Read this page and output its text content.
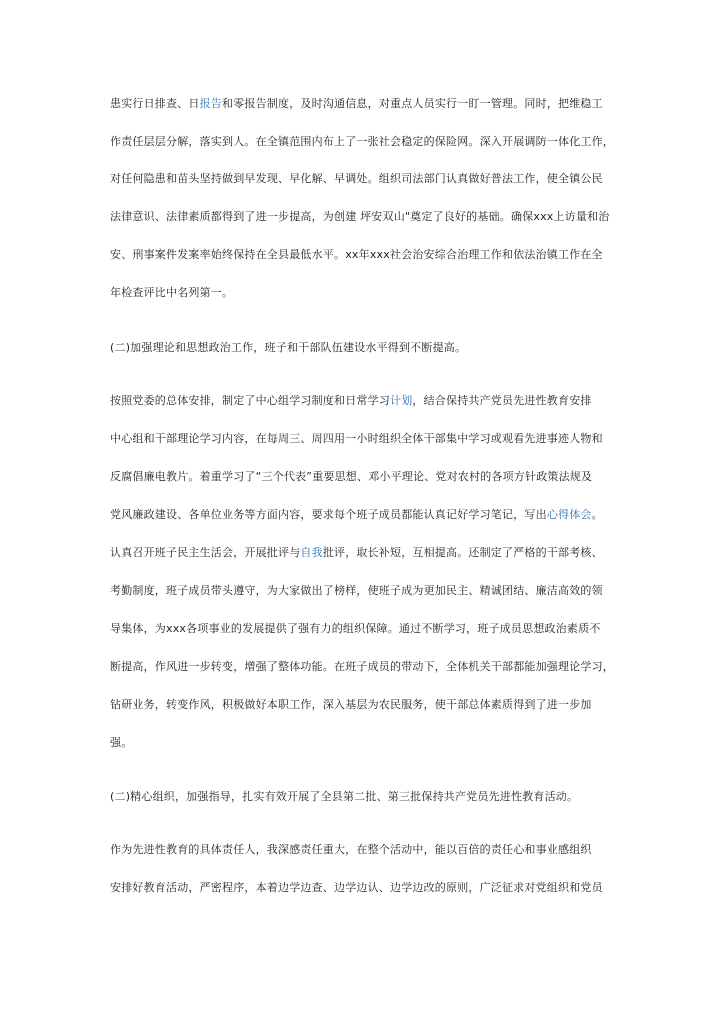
患实行日排查、日报告和零报告制度，及时沟通信息，对重点人员实行一盯一管理。同时，把维稳工
作责任层层分解，落实到人。在全镇范围内布上了一张社会稳定的保险网。深入开展调防一体化工作，
对任何隐患和苗头坚持做到早发现、早化解、早调处。组织司法部门认真做好普法工作，使全镇公民
法律意识、法律素质都得到了进一步提高，为创建 坪安双山"奠定了良好的基础。确保xxx上访量和治
安、刑事案件发案率始终保持在全县最低水平。xx年xxx社会治安综合治理工作和依法治镇工作在全
年检查评比中名列第一。
(二)加强理论和思想政治工作，班子和干部队伍建设水平得到不断提高。
按照党委的总体安排，制定了中心组学习制度和日常学习计划，结合保持共产党员先进性教育安排
中心组和干部理论学习内容，在每周三、周四用一小时组织全体干部集中学习或观看先进事迹人物和
反腐倡廉电教片。着重学习了“三个代表”重要思想、邓小平理论、党对农村的各项方针政策法规及
党风廉政建设、各单位业务等方面内容，要求每个班子成员都能认真记好学习笔记，写出心得体会。
认真召开班子民主生活会，开展批评与自我批评，取长补短，互相提高。还制定了严格的干部考核、
考勤制度，班子成员带头遵守，为大家做出了榜样，使班子成为更加民主、精诚团结、廉洁高效的领
导集体，为xxx各项事业的发展提供了强有力的组织保障。通过不断学习，班子成员思想政治素质不
断提高，作风进一步转变，增强了整体功能。在班子成员的带动下，全体机关干部都能加强理论学习，
钻研业务，转变作风，积极做好本职工作，深入基层为农民服务，使干部总体素质得到了进一步加
强。
(二)精心组织，加强指导，扎实有效开展了全县第二批、第三批保持共产党员先进性教育活动。
作为先进性教育的具体责任人，我深感责任重大，在整个活动中，能以百倍的责任心和事业感组织
安排好教育活动，严密程序，本着边学边查、边学边认、边学边改的原则，广泛征求对党组织和党员
